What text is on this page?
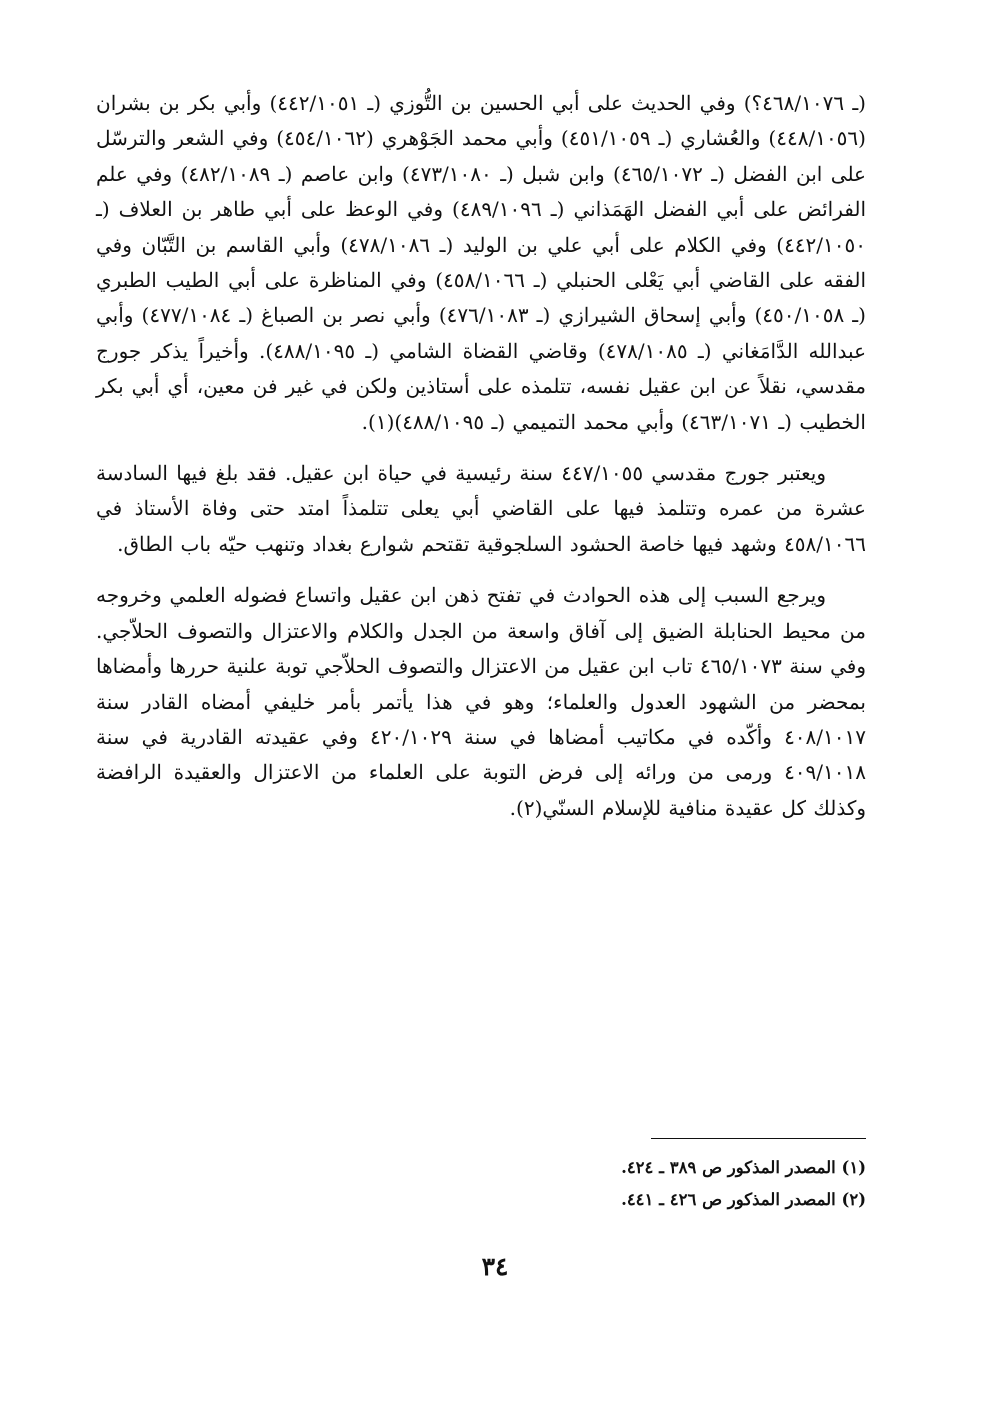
(ـ ٤٦٨/١٠٧٦؟) وفي الحديث على أبي الحسين بن التُّوزي (ـ ٤٤٢/١٠٥١) وأبي بكر بن بشران (٤٤٨/١٠٥٦) والعُشاري (ـ ٤٥١/١٠٥٩) وأبي محمد الجَوْهري (٤٥٤/١٠٦٢) وفي الشعر والترسّل على ابن الفضل (ـ ٤٦٥/١٠٧٢) وابن شبل (ـ ٤٧٣/١٠٨٠) وابن عاصم (ـ ٤٨٢/١٠٨٩) وفي علم الفرائض على أبي الفضل الهَمَذاني (ـ ٤٨٩/١٠٩٦) وفي الوعظ على أبي طاهر بن العلاف (ـ ٤٤٢/١٠٥٠) وفي الكلام على أبي علي بن الوليد (ـ ٤٧٨/١٠٨٦) وأبي القاسم بن التَّبّان وفي الفقه على القاضي أبي يَعْلى الحنبلي (ـ ٤٥٨/١٠٦٦) وفي المناظرة على أبي الطيب الطبري (ـ ٤٥٠/١٠٥٨) وأبي إسحاق الشيرازي (ـ ٤٧٦/١٠٨٣) وأبي نصر بن الصباغ (ـ ٤٧٧/١٠٨٤) وأبي عبدالله الدَّامَغاني (ـ ٤٧٨/١٠٨٥) وقاضي القضاة الشامي (ـ ٤٨٨/١٠٩٥). وأخيراً يذكر جورج مقدسي، نقلاً عن ابن عقيل نفسه، تتلمذه على أستاذين ولكن في غير فن معين، أي أبي بكر الخطيب (ـ ٤٦٣/١٠٧١) وأبي محمد التميمي (ـ ٤٨٨/١٠٩٥)(١).

ويعتبر جورج مقدسي ٤٤٧/١٠٥٥ سنة رئيسية في حياة ابن عقيل. فقد بلغ فيها السادسة عشرة من عمره وتتلمذ فيها على القاضي أبي يعلى تتلمذاً امتد حتى وفاة الأستاذ في ٤٥٨/١٠٦٦ وشهد فيها خاصة الحشود السلجوقية تقتحم شوارع بغداد وتنهب حيّه باب الطاق.

ويرجع السبب إلى هذه الحوادث في تفتح ذهن ابن عقيل واتساع فضوله العلمي وخروجه من محيط الحنابلة الضيق إلى آفاق واسعة من الجدل والكلام والاعتزال والتصوف الحلاّجي. وفي سنة ٤٦٥/١٠٧٣ تاب ابن عقيل من الاعتزال والتصوف الحلاّجي توبة علنية حررها وأمضاها بمحضر من الشهود العدول والعلماء؛ وهو في هذا يأتمر بأمر خليفي أمضاه القادر سنة ٤٠٨/١٠١٧ وأكّده في مكاتيب أمضاها في سنة ٤٢٠/١٠٢٩ وفي عقيدته القادرية في سنة ٤٠٩/١٠١٨ ورمى من ورائه إلى فرض التوبة على العلماء من الاعتزال والعقيدة الرافضة وكذلك كل عقيدة منافية للإسلام السنّي(٢).

(١) المصدر المذكور ص ٣٨٩ ـ ٤٢٤.

(٢) المصدر المذكور ص ٤٢٦ ـ ٤٤١.

٣٤
